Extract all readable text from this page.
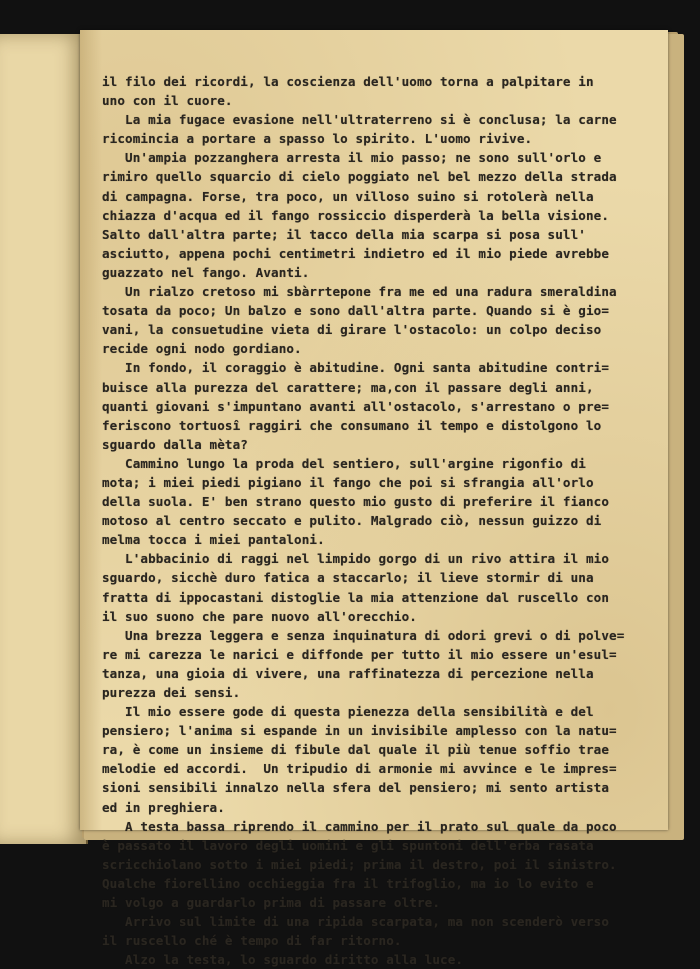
il filo dei ricordi, la coscienza dell'uomo torna a palpitare in
uno con il cuore.
La mia fugace evasione nell'ultraterreno si è conclusa; la carne
ricomincia a portare a spasso lo spirito. L'uomo rivive.
Un'ampia pozzanghera arresta il mio passo; ne sono sull'orlo e
rimiro quello squarcio di cielo poggiato nel bel mezzo della strada
di campagna. Forse, tra poco, un villoso suino si rotolerà nella
chiazza d'acqua ed il fango rossiccio disperderà la bella visione.
Salto dall'altra parte; il tacco della mia scarpa si posa sull'
asciutto, appena pochi centimetri indietro ed il mio piede avrebbe
guazzato nel fango. Avanti.
Un rialzo cretoso mi sbàrrtepone fra me ed una radura smeraldina
tosata da poco; Un balzo e sono dall'altra parte. Quando si è gio=
vani, la consuetudine vieta di girare l'ostacolo: un colpo deciso
recide ogni nodo gordiano.
In fondo, il coraggio è abitudine. Ogni santa abitudine contri=
buisce alla purezza del carattere; ma,con il passare degli anni,
quanti giovani s'impuntano avanti all'ostacolo, s'arrestano o pre=
feriscono tortuosî raggiri che consumano il tempo e distolgono lo
sguardo dalla mèta?
Cammino lungo la proda del sentiero, sull'argine rigonfio di
mota; i miei piedi pigiano il fango che poi si sfrangia all'orlo
della suola. E' ben strano questo mio gusto di preferire il fianco
motoso al centro seccato e pulito. Malgrado ciò, nessun guizzo di
melma tocca i miei pantaloni.
L'abbacinio di raggi nel limpido gorgo di un rivo attira il mio
sguardo, sicchè duro fatica a staccarlo; il lieve stormir di una
fratta di ippocastani distoglie la mia attenzione dal ruscello con
il suo suono che pare nuovo all'orecchio.
Una brezza leggera e senza inquinatura di odori grevi o di polve=
re mi carezza le narici e diffonde per tutto il mio essere un'esul=
tanza, una gioia di vivere, una raffinatezza di percezione nella
purezza dei sensi.
Il mio essere gode di questa pienezza della sensibilità e del
pensiero; l'anima si espande in un invisibile amplesso con la natu=
ra, è come un insieme di fibule dal quale il più tenue soffio trae
melodie ed accordi.  Un tripudio di armonie mi avvince e le impres=
sioni sensibili innalzo nella sfera del pensiero; mi sento artista
ed in preghiera.
A testa bassa riprendo il cammino per il prato sul quale da poco
è passato il lavoro degli uomini e gli spuntoni dell'erba rasata
scricchiolano sotto i miei piedi; prima il destro, poi il sinistro.
Qualche fiorellino occhieggia fra il trifoglio, ma io lo evito e
mi volgo a guardarlo prima di passare oltre.
Arrivo sul limite di una ripida scarpata, ma non scenderò verso
il ruscello ché è tempo di far ritorno.
Alzo la testa, lo sguardo diritto alla luce.
